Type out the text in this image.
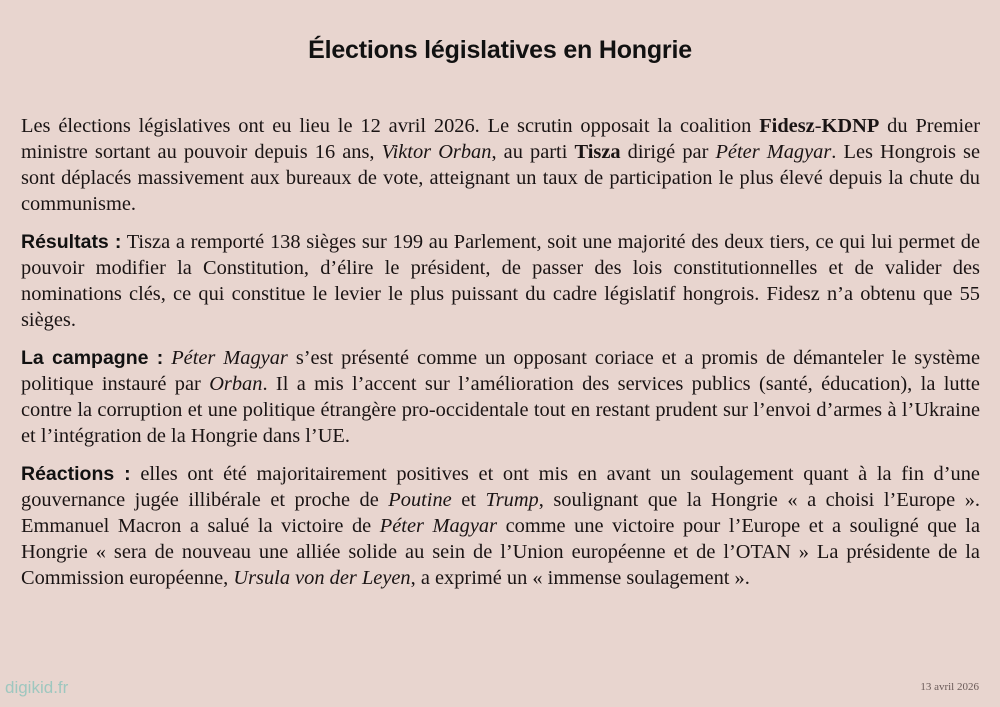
Élections législatives en Hongrie

Les élections législatives ont eu lieu le 12 avril 2026. Le scrutin opposait la coalition Fidesz-KDNP du Premier ministre sortant au pouvoir depuis 16 ans, Viktor Orban, au parti Tisza dirigé par Péter Magyar. Les Hongrois se sont déplacés massivement aux bureaux de vote, atteignant un taux de participation le plus élevé depuis la chute du communisme.

Résultats : Tisza a remporté 138 sièges sur 199 au Parlement, soit une majorité des deux tiers, ce qui lui permet de pouvoir modifier la Constitution, d’élire le président, de passer des lois constitutionnelles et de valider des nominations clés, ce qui constitue le levier le plus puissant du cadre législatif hongrois. Fidesz n’a obtenu que 55 sièges.

La campagne : Péter Magyar s’est présenté comme un opposant coriace et a promis de démanteler le système politique instauré par Orban. Il a mis l’accent sur l’amélioration des services publics (santé, éducation), la lutte contre la corruption et une politique étrangère pro-occidentale tout en restant prudent sur l’envoi d’armes à l’Ukraine et l’intégration de la Hongrie dans l’UE.

Réactions : elles ont été majoritairement positives et ont mis en avant un soulagement quant à la fin d’une gouvernance jugée illibérale et proche de Poutine et Trump, soulignant que la Hongrie « a choisi l’Europe ». Emmanuel Macron a salué la victoire de Péter Magyar comme une victoire pour l’Europe et a souligné que la Hongrie « sera de nouveau une alliée solide au sein de l’Union européenne et de l’OTAN » La présidente de la Commission européenne, Ursula von der Leyen, a exprimé un « immense soulagement ».

digikid.fr	13 avril 2026
